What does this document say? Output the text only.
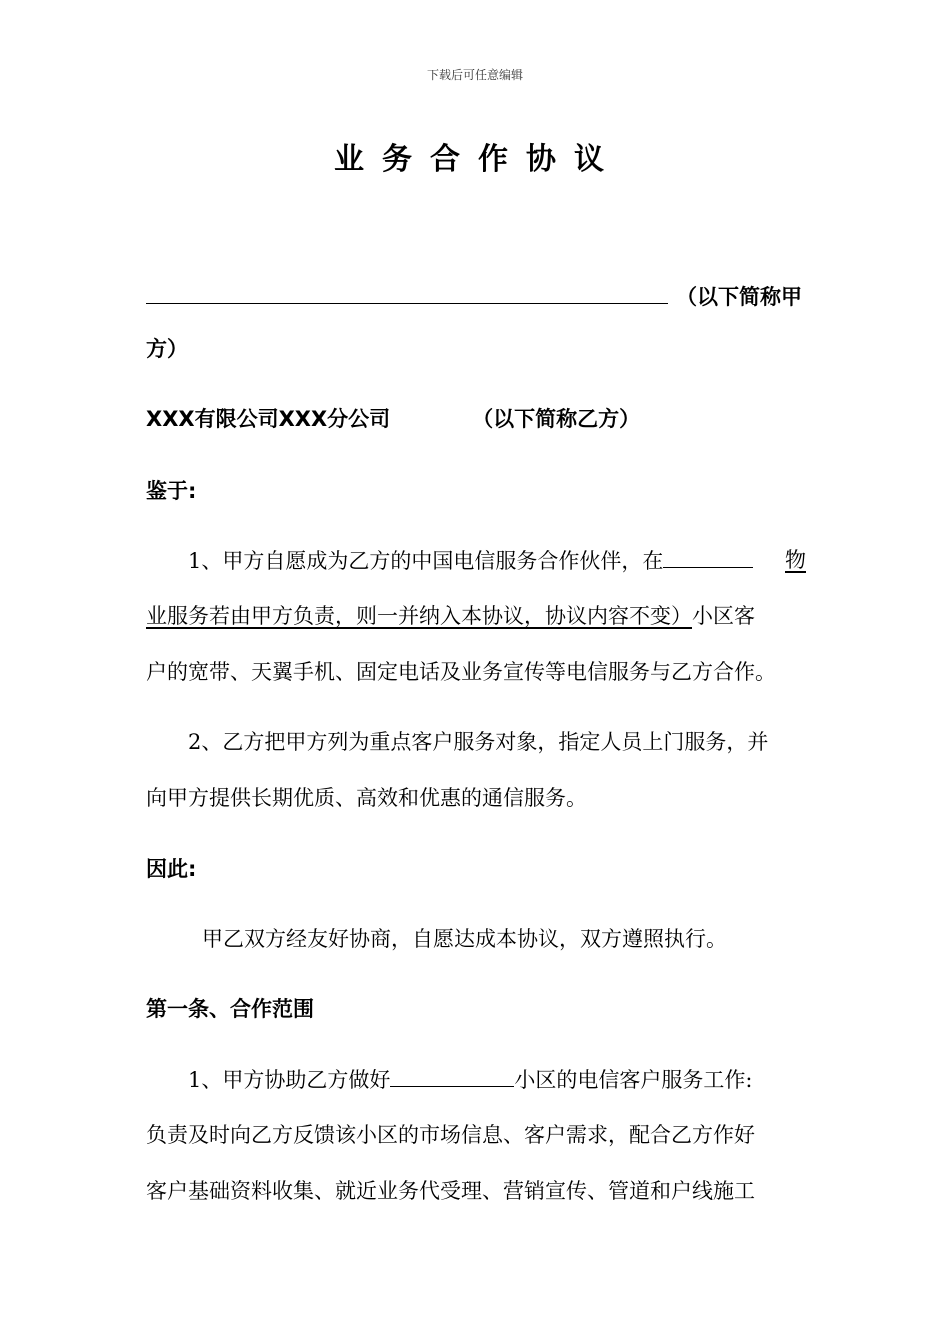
下载后可任意编辑
业务合作协议
（以下简称甲
方）
XXX有限公司XXX分公司	（以下简称乙方）
鉴于:
1、甲方自愿成为乙方的中国电信服务合作伙伴，在	物
业服务若由甲方负责，则一并纳入本协议，协议内容不变）小区客
户的宽带、天翼手机、固定电话及业务宣传等电信服务与乙方合作。
2、乙方把甲方列为重点客户服务对象，指定人员上门服务，并
向甲方提供长期优质、高效和优惠的通信服务。
因此:
甲乙双方经友好协商，自愿达成本协议，双方遵照执行。
第一条、合作范围
1、甲方协助乙方做好	小区的电信客户服务工作:
负责及时向乙方反馈该小区的市场信息、客户需求，配合乙方作好
客户基础资料收集、就近业务代受理、营销宣传、管道和户线施工
